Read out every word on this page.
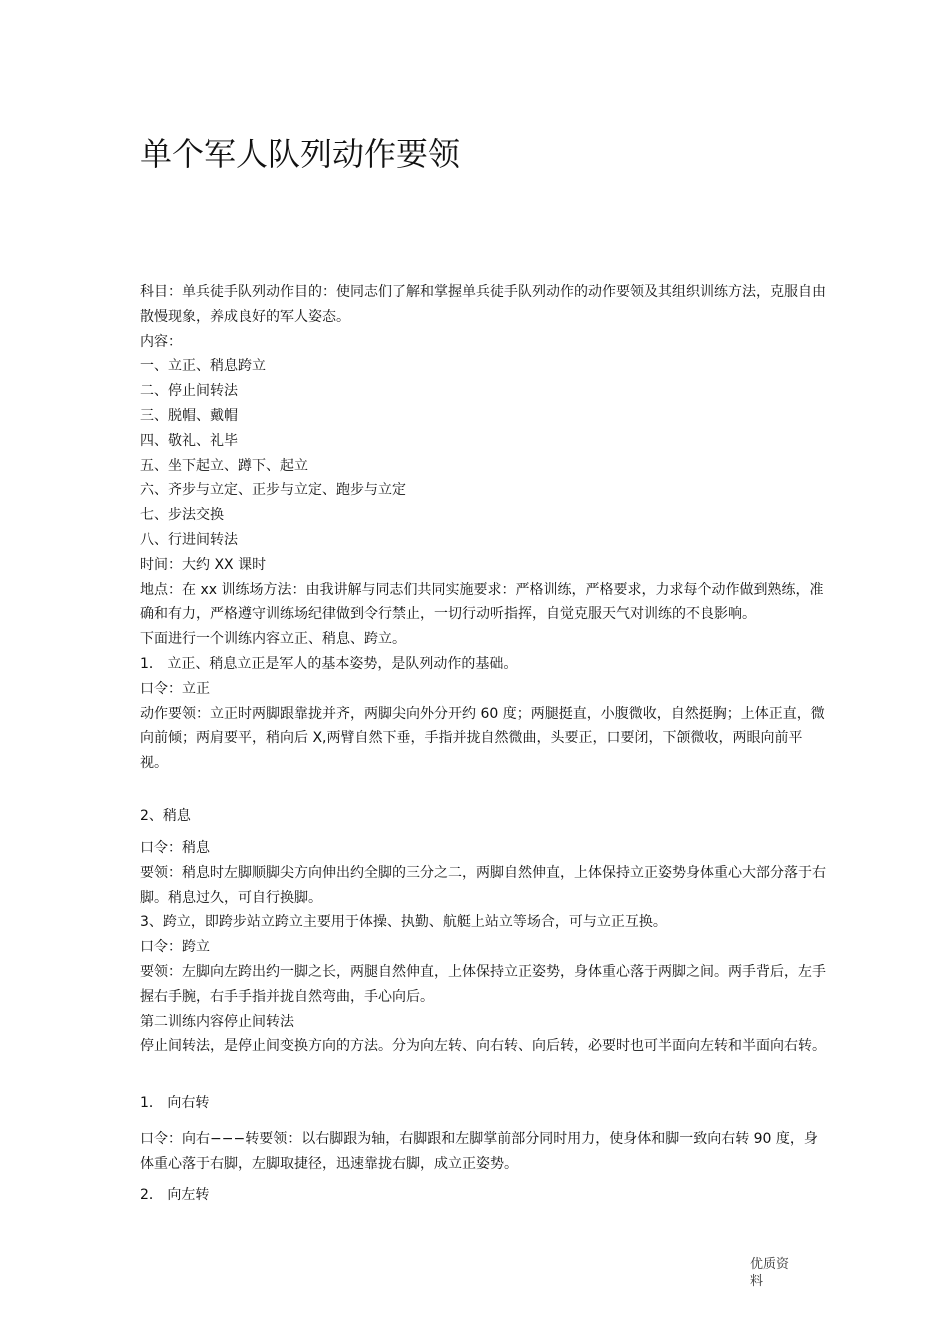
单个军人队列动作要领

科目：单兵徒手队列动作目的：使同志们了解和掌握单兵徒手队列动作的动作要领及其组织训练方法，克服自由散慢现象，养成良好的军人姿态。

内容：

一、立正、稍息跨立

二、停止间转法

三、脱帽、戴帽

四、敬礼、礼毕

五、坐下起立、蹲下、起立

六、齐步与立定、正步与立定、跑步与立定

七、步法交换

八、行进间转法

时间：大约 XX 课时

地点：在 xx 训练场方法：由我讲解与同志们共同实施要求：严格训练，严格要求，力求每个动作做到熟练，准确和有力，严格遵守训练场纪律做到令行禁止，一切行动听指挥，自觉克服天气对训练的不良影响。

下面进行一个训练内容立正、稍息、跨立。

1． 立正、稍息立正是军人的基本姿势，是队列动作的基础。

口令：立正

动作要领：立正时两脚跟靠拢并齐，两脚尖向外分开约 60 度；两腿挺直，小腹微收，自然挺胸；上体正直，微向前倾；两肩要平，稍向后 X,两臂自然下垂，手指并拢自然微曲，头要正，口要闭，下颌微收，两眼向前平视。

2、稍息

口令：稍息

要领：稍息时左脚顺脚尖方向伸出约全脚的三分之二，两脚自然伸直，上体保持立正姿势身体重心大部分落于右脚。稍息过久，可自行换脚。

3、跨立，即跨步站立跨立主要用于体操、执勤、航艇上站立等场合，可与立正互换。

口令：跨立

要领：左脚向左跨出约一脚之长，两腿自然伸直，上体保持立正姿势，身体重心落于两脚之间。两手背后，左手握右手腕，右手手指并拢自然弯曲，手心向后。

第二训练内容停止间转法

停止间转法，是停止间变换方向的方法。分为向左转、向右转、向后转，必要时也可半面向左转和半面向右转。

1． 向右转

口令：向右−−−转要领：以右脚跟为轴，右脚跟和左脚掌前部分同时用力，使身体和脚一致向右转 90 度，身体重心落于右脚，左脚取捷径，迅速靠拢右脚，成立正姿势。

2． 向左转

优质资料
